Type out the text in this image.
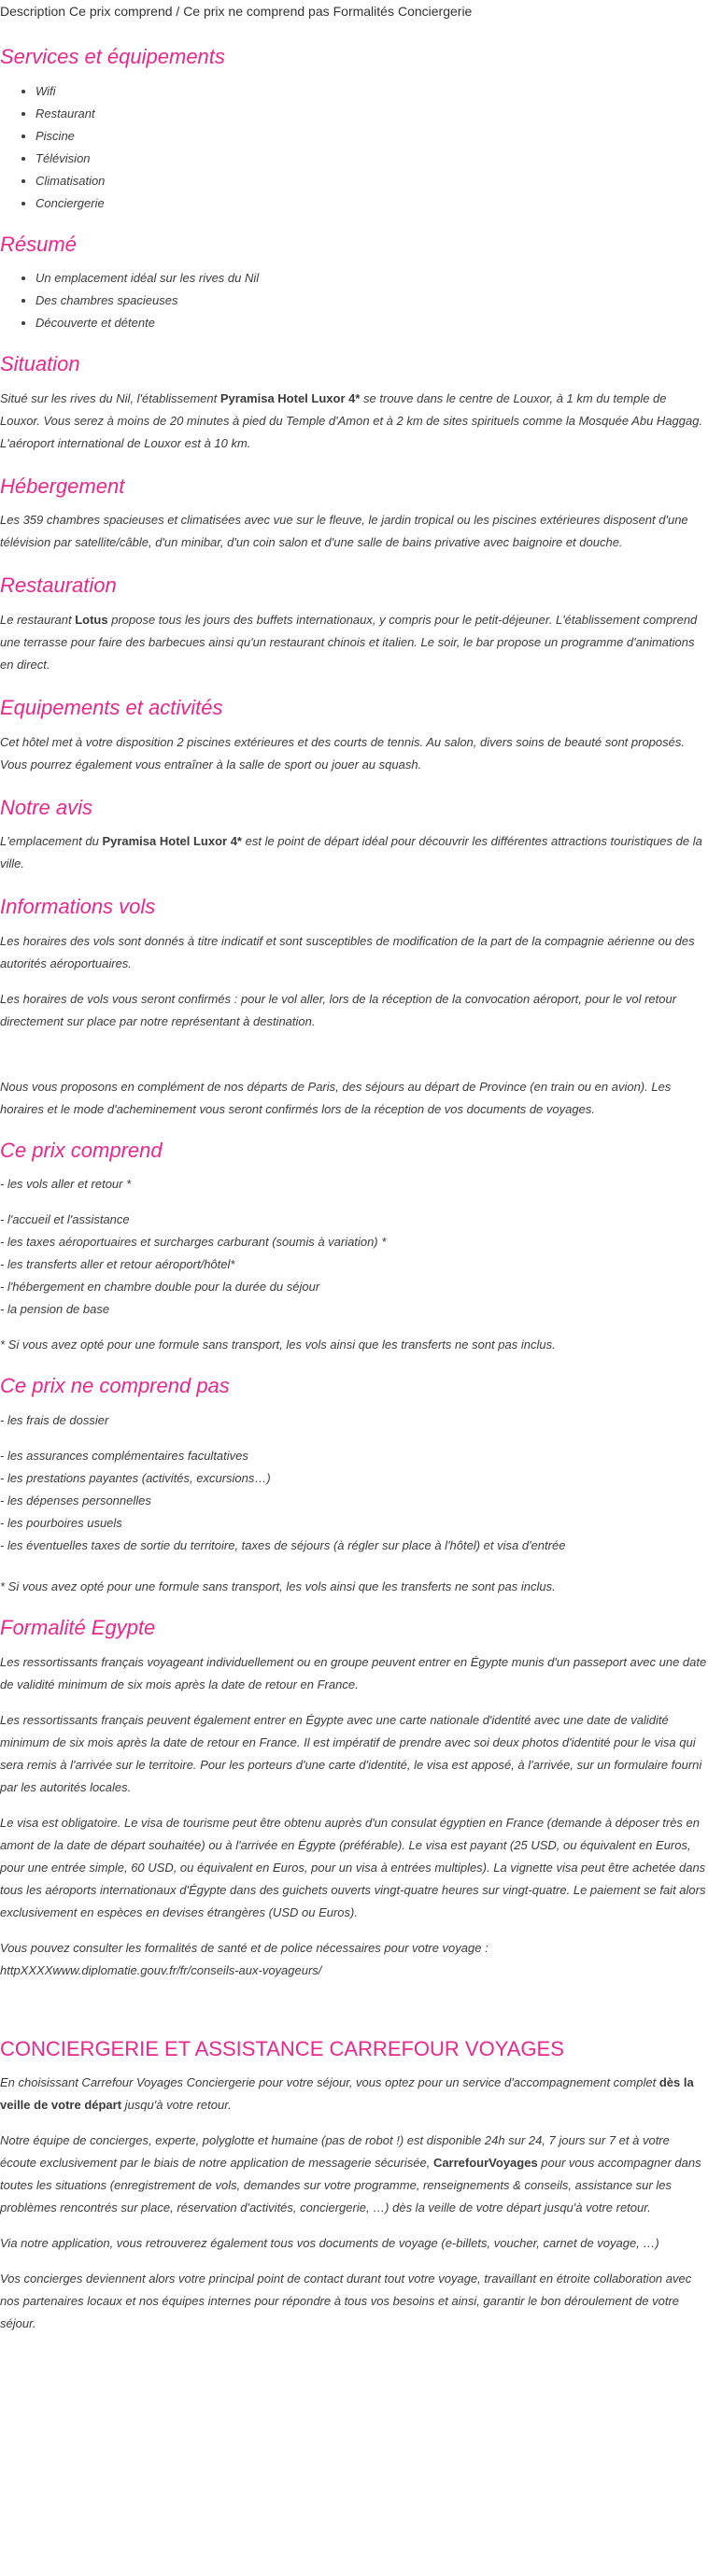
Description Ce prix comprend / Ce prix ne comprend pas Formalités Conciergerie
Services et équipements
• Wifi
• Restaurant
• Piscine
• Télévision
• Climatisation
• Conciergerie
Résumé
• Un emplacement idéal sur les rives du Nil
• Des chambres spacieuses
• Découverte et détente
Situation

Situé sur les rives du Nil, l'établissement Pyramisa Hotel Luxor 4* se trouve dans le centre de Louxor, à 1 km du temple de Louxor. Vous serez à moins de 20 minutes à pied du Temple d'Amon et à 2 km de sites spirituels comme la Mosquée Abu Haggag. L'aéroport international de Louxor est à 10 km.

Hébergement

Les 359 chambres spacieuses et climatisées avec vue sur le fleuve, le jardin tropical ou les piscines extérieures disposent d'une télévision par satellite/câble, d'un minibar, d'un coin salon et d'une salle de bains privative avec baignoire et douche.

Restauration

Le restaurant Lotus propose tous les jours des buffets internationaux, y compris pour le petit-déjeuner. L'établissement comprend une terrasse pour faire des barbecues ainsi qu'un restaurant chinois et italien. Le soir, le bar propose un programme d'animations en direct.

Equipements et activités

Cet hôtel met à votre disposition 2 piscines extérieures et des courts de tennis. Au salon, divers soins de beauté sont proposés. Vous pourrez également vous entraîner à la salle de sport ou jouer au squash.

Notre avis

L'emplacement du Pyramisa Hotel Luxor 4* est le point de départ idéal pour découvrir les différentes attractions touristiques de la ville.

Informations vols

Les horaires des vols sont donnés à titre indicatif et sont susceptibles de modification de la part de la compagnie aérienne ou des autorités aéroportuaires.

Les horaires de vols vous seront confirmés : pour le vol aller, lors de la réception de la convocation aéroport, pour le vol retour directement sur place par notre représentant à destination.

Nous vous proposons en complément de nos départs de Paris, des séjours au départ de Province (en train ou en avion). Les horaires et le mode d'acheminement vous seront confirmés lors de la réception de vos documents de voyages.

Ce prix comprend

- les vols aller et retour *

- l'accueil et l'assistance
- les taxes aéroportuaires et surcharges carburant (soumis à variation) *
- les transferts aller et retour aéroport/hôtel*
- l'hébergement en chambre double pour la durée du séjour
- la pension de base

* Si vous avez opté pour une formule sans transport, les vols ainsi que les transferts ne sont pas inclus.

Ce prix ne comprend pas

- les frais de dossier

- les assurances complémentaires facultatives
- les prestations payantes (activités, excursions…)
- les dépenses personnelles
- les pourboires usuels
- les éventuelles taxes de sortie du territoire, taxes de séjours (à régler sur place à l'hôtel) et visa d'entrée

* Si vous avez opté pour une formule sans transport, les vols ainsi que les transferts ne sont pas inclus.

Formalité Egypte

Les ressortissants français voyageant individuellement ou en groupe peuvent entrer en Égypte munis d'un passeport avec une date de validité minimum de six mois après la date de retour en France.

Les ressortissants français peuvent également entrer en Égypte avec une carte nationale d'identité avec une date de validité minimum de six mois après la date de retour en France. Il est impératif de prendre avec soi deux photos d'identité pour le visa qui sera remis à l'arrivée sur le territoire. Pour les porteurs d'une carte d'identité, le visa est apposé, à l'arrivée, sur un formulaire fourni par les autorités locales.

Le visa est obligatoire. Le visa de tourisme peut être obtenu auprès d'un consulat égyptien en France (demande à déposer très en amont de la date de départ souhaitée) ou à l'arrivée en Égypte (préférable). Le visa est payant (25 USD, ou équivalent en Euros, pour une entrée simple, 60 USD, ou équivalent en Euros, pour un visa à entrées multiples). La vignette visa peut être achetée dans tous les aéroports internationaux d'Égypte dans des guichets ouverts vingt-quatre heures sur vingt-quatre. Le paiement se fait alors exclusivement en espèces en devises étrangères (USD ou Euros).

Vous pouvez consulter les formalités de santé et de police nécessaires pour votre voyage :
httpXXXXwww.diplomatie.gouv.fr/fr/conseils-aux-voyageurs/

CONCIERGERIE ET ASSISTANCE CARREFOUR VOYAGES

En choisissant Carrefour Voyages Conciergerie pour votre séjour, vous optez pour un service d'accompagnement complet dès la veille de votre départ jusqu'à votre retour.

Notre équipe de concierges, experte, polyglotte et humaine (pas de robot !) est disponible 24h sur 24, 7 jours sur 7 et à votre écoute exclusivement par le biais de notre application de messagerie sécurisée, CarrefourVoyages pour vous accompagner dans toutes les situations (enregistrement de vols, demandes sur votre programme, renseignements & conseils, assistance sur les problèmes rencontrés sur place, réservation d'activités, conciergerie, …) dès la veille de votre départ jusqu'à votre retour.

Via notre application, vous retrouverez également tous vos documents de voyage (e-billets, voucher, carnet de voyage, …)

Vos concierges deviennent alors votre principal point de contact durant tout votre voyage, travaillant en étroite collaboration avec nos partenaires locaux et nos équipes internes pour répondre à tous vos besoins et ainsi, garantir le bon déroulement de votre séjour.
